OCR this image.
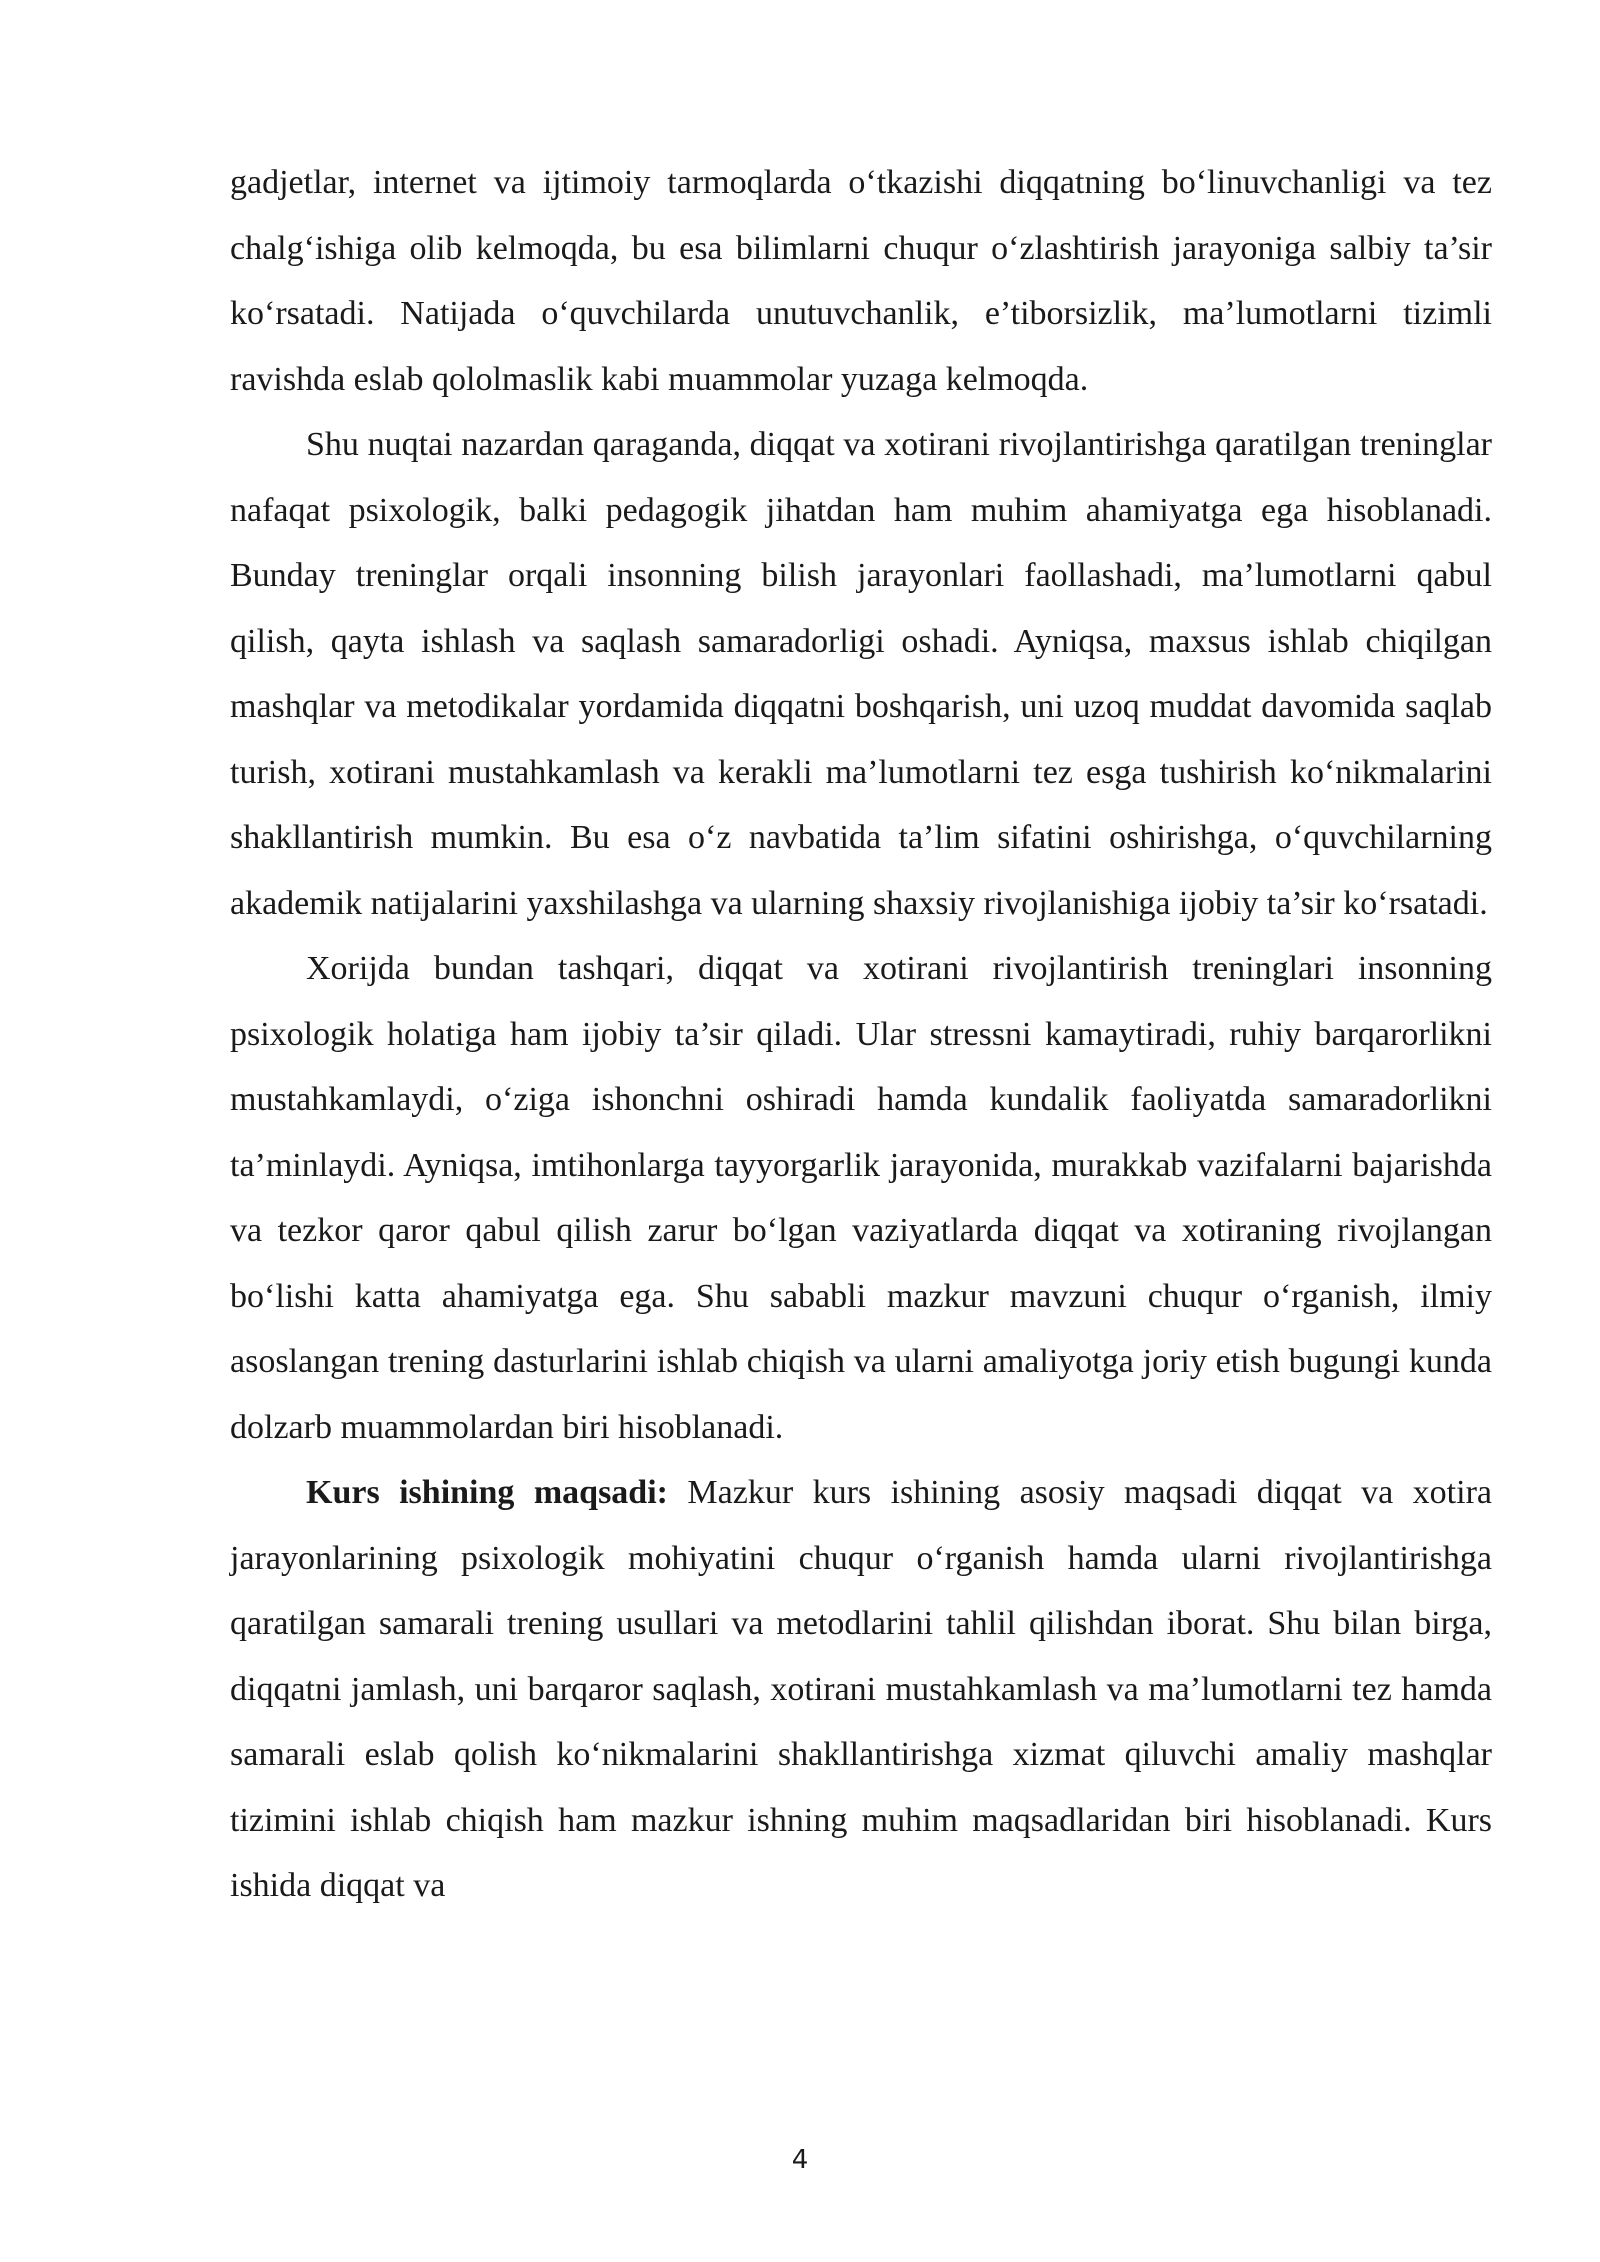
gadjetlar, internet va ijtimoiy tarmoqlarda o‘tkazishi diqqatning bo‘linuvchanligi va tez chalg‘ishiga olib kelmoqda, bu esa bilimlarni chuqur o‘zlashtirish jarayoniga salbiy ta’sir ko‘rsatadi. Natijada o‘quvchilarda unutuvchanlik, e’tiborsizlik, ma’lumotlarni tizimli ravishda eslab qololmaslik kabi muammolar yuzaga kelmoqda.

Shu nuqtai nazardan qaraganda, diqqat va xotirani rivojlantirishga qaratilgan treninglar nafaqat psixologik, balki pedagogik jihatdan ham muhim ahamiyatga ega hisoblanadi. Bunday treninglar orqali insonning bilish jarayonlari faollashadi, ma’lumotlarni qabul qilish, qayta ishlash va saqlash samaradorligi oshadi. Ayniqsa, maxsus ishlab chiqilgan mashqlar va metodikalar yordamida diqqatni boshqarish, uni uzoq muddat davomida saqlab turish, xotirani mustahkamlash va kerakli ma’lumotlarni tez esga tushirish ko‘nikmalarini shakllantirish mumkin. Bu esa o‘z navbatida ta’lim sifatini oshirishga, o‘quvchilarning akademik natijalarini yaxshilashga va ularning shaxsiy rivojlanishiga ijobiy ta’sir ko‘rsatadi.

Xorijda bundan tashqari, diqqat va xotirani rivojlantirish treninglari insonning psixologik holatiga ham ijobiy ta’sir qiladi. Ular stressni kamaytiradi, ruhiy barqarorlikni mustahkamlaydi, o‘ziga ishonchni oshiradi hamda kundalik faoliyatda samaradorlikni ta’minlaydi. Ayniqsa, imtihonlarga tayyorgarlik jarayonida, murakkab vazifalarni bajarishda va tezkor qaror qabul qilish zarur bo‘lgan vaziyatlarda diqqat va xotiraning rivojlangan bo‘lishi katta ahamiyatga ega. Shu sababli mazkur mavzuni chuqur o‘rganish, ilmiy asoslangan trening dasturlarini ishlab chiqish va ularni amaliyotga joriy etish bugungi kunda dolzarb muammolardan biri hisoblanadi.

Kurs ishining maqsadi: Mazkur kurs ishining asosiy maqsadi diqqat va xotira jarayonlarining psixologik mohiyatini chuqur o‘rganish hamda ularni rivojlantirishga qaratilgan samarali trening usullari va metodlarini tahlil qilishdan iborat. Shu bilan birga, diqqatni jamlash, uni barqaror saqlash, xotirani mustahkamlash va ma’lumotlarni tez hamda samarali eslab qolish ko‘nikmalarini shakllantirishga xizmat qiluvchi amaliy mashqlar tizimini ishlab chiqish ham mazkur ishning muhim maqsadlaridan biri hisoblanadi. Kurs ishida diqqat va

4
